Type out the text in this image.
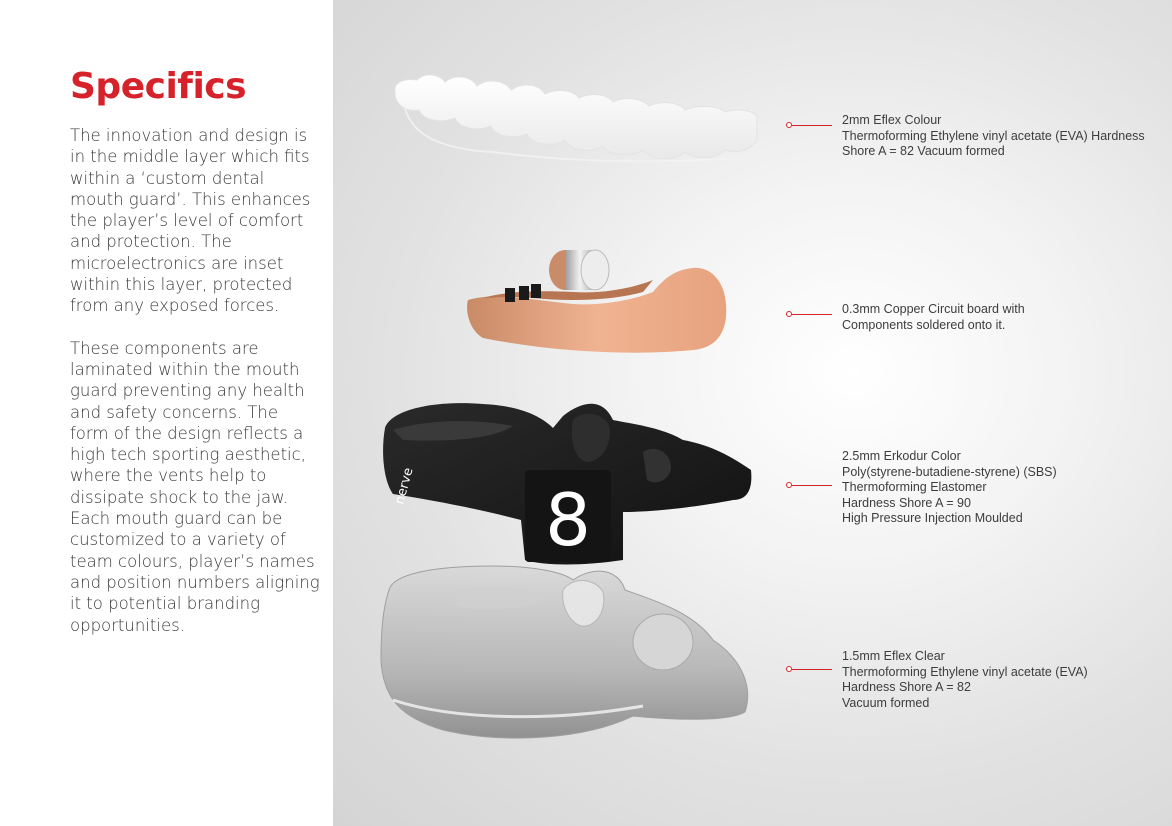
Specifics

The innovation and design is in the middle layer which fits within a ‘custom dental mouth guard’. This enhances the player’s level of comfort and protection. The microelectronics are inset within this layer, protected from any exposed forces.

These components are laminated within the mouth guard preventing any health and safety concerns. The form of the design reflects a high tech sporting aesthetic, where the vents help to dissipate shock to the jaw. Each mouth guard can be customized to a variety of team colours, player’s names and position numbers aligning it to potential branding opportunities.

8
nerve
2mm Eflex Colour
Thermoforming Ethylene vinyl acetate (EVA) Hardness
Shore A = 82 Vacuum formed
0.3mm Copper Circuit board with
Components soldered onto it.
2.5mm Erkodur Color
Poly(styrene-butadiene-styrene) (SBS)
Thermoforming Elastomer
Hardness Shore A = 90
High Pressure Injection Moulded
1.5mm Eflex Clear
Thermoforming Ethylene vinyl acetate (EVA)
Hardness Shore A = 82
Vacuum formed
